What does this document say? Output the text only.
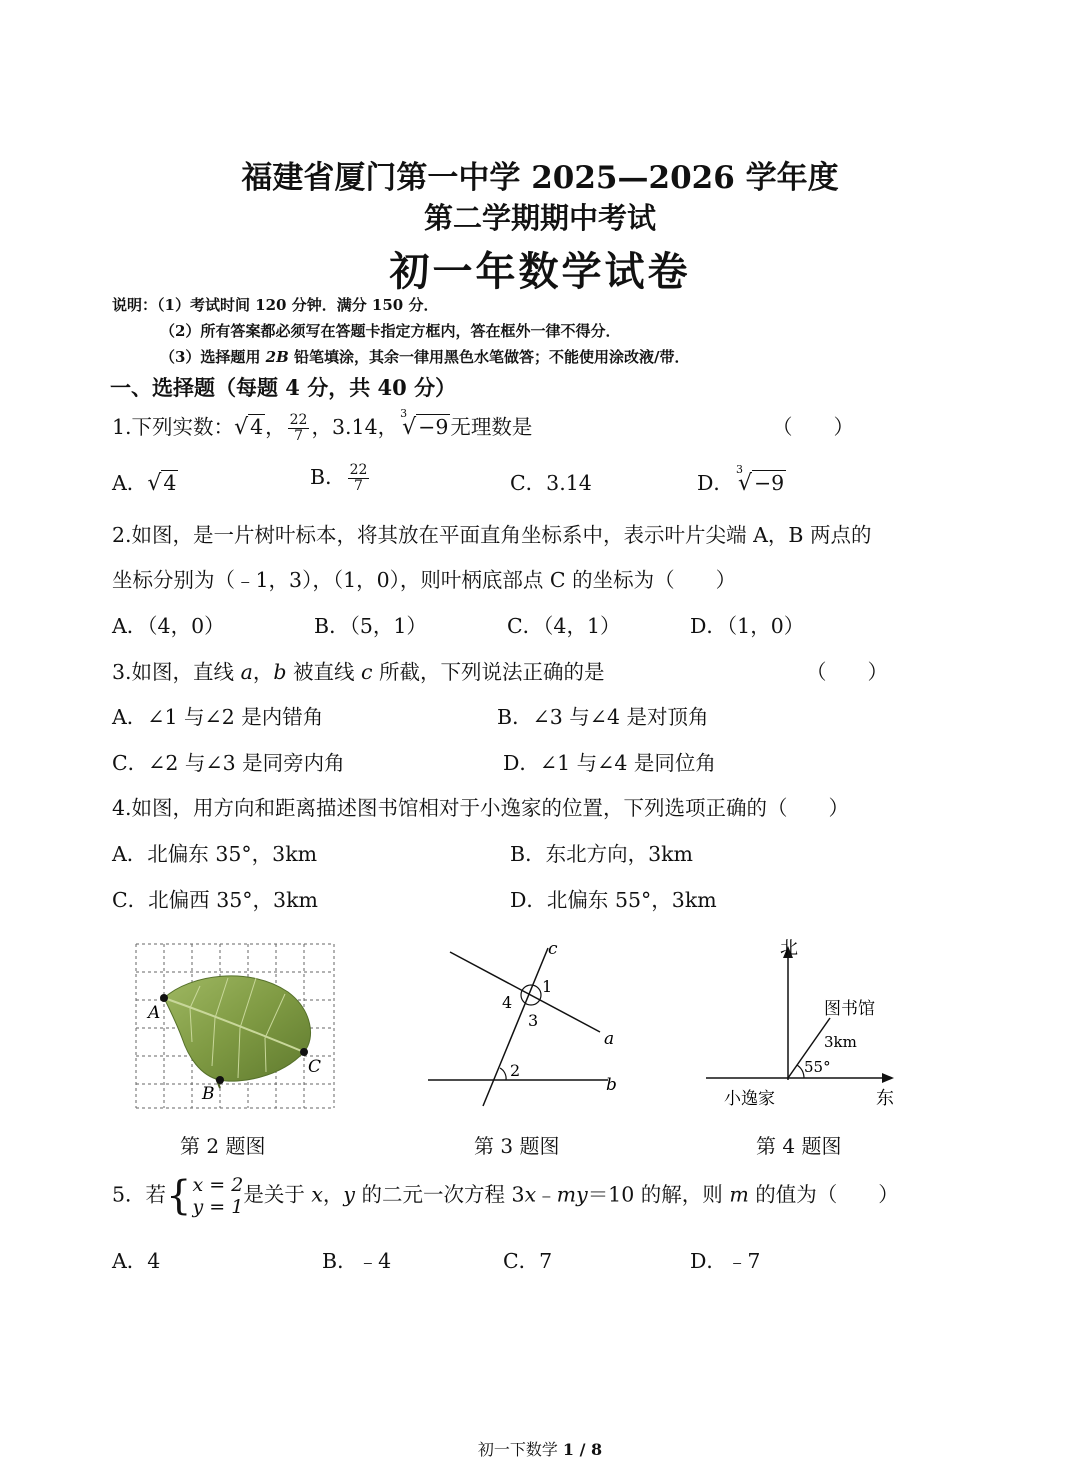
福建省厦门第一中学 2025—2026 学年度
第二学期期中考试
初一年数学试卷
说明：（1）考试时间 120 分钟．满分 150 分．
（2）所有答案都必须写在答题卡指定方框内，答在框外一律不得分．
（3）选择题用 2B 铅笔填涂，其余一律用黑色水笔做答；不能使用涂改液/带．
一、选择题（每题 4 分，共 40 分）
1.下列实数：√4， $\frac{22}{7}$ ，3.14，
3
√−9无理数是	（　　）
A．√4	B． $\frac{22}{7}$	C．3.14	D．
3
√−9
2.如图，是一片树叶标本，将其放在平面直角坐标系中，表示叶片尖端 A，B 两点的
坐标分别为（﹣1，3），（1，0），则叶柄底部点 C 的坐标为（　　）
A．（4，0）	B．（5，1）	C．（4，1）	D．（1，0）
3.如图，直线 a，b 被直线 c 所截，下列说法正确的是	（　　）
A．∠1 与∠2 是内错角	B．∠3 与∠4 是对顶角
C．∠2 与∠3 是同旁内角	D．∠1 与∠4 是同位角
4.如图，用方向和距离描述图书馆相对于小逸家的位置，下列选项正确的（　　）
A．北偏东 35°，3km	B．东北方向，3km
C．北偏西 35°，3km	D．北偏东 55°，3km
A
B
C
第 2 题图
c
a
b
1
4
3
2
第 3 题图
北
东
小逸家
图书馆
3km
55°
第 4 题图
5．若{ x = 2
y = 1
是关于 x，y 的二元一次方程 3x﹣my＝10 的解，则 m 的值为（　　）
A．4	B．﹣4	C．7	D．﹣7
初一下数学 1 / 8
